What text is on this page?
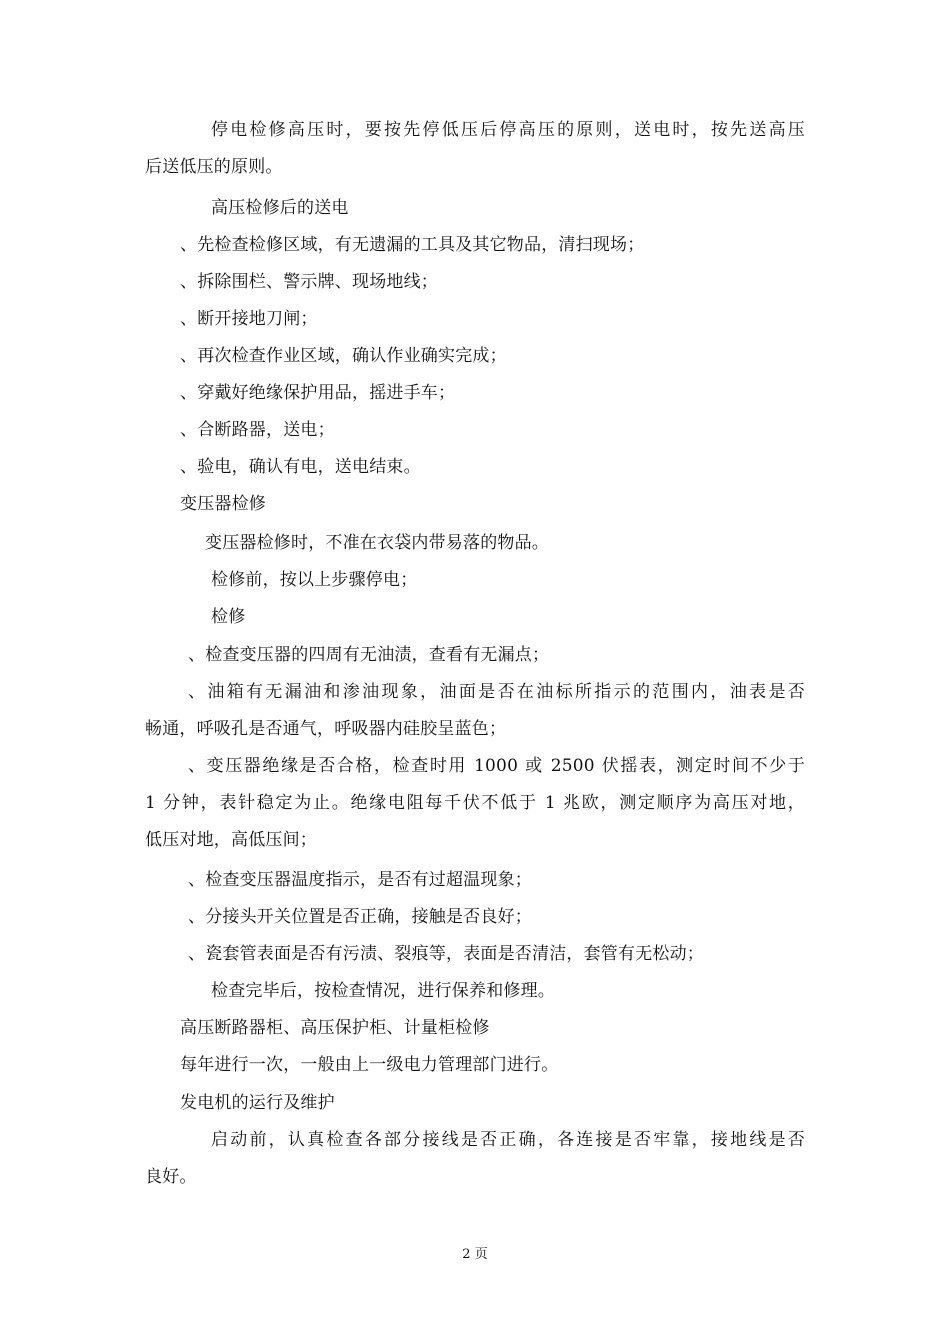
停电检修高压时，要按先停低压后停高压的原则，送电时，按先送高压
后送低压的原则。
高压检修后的送电
、先检查检修区域，有无遗漏的工具及其它物品，清扫现场；
、拆除围栏、警示牌、现场地线；
、断开接地刀闸；
、再次检查作业区域，确认作业确实完成；
、穿戴好绝缘保护用品，摇进手车；
、合断路器，送电；
、验电，确认有电，送电结束。
变压器检修
变压器检修时，不准在衣袋内带易落的物品。
检修前，按以上步骤停电；
检修
、检查变压器的四周有无油渍，查看有无漏点；
、油箱有无漏油和渗油现象，油面是否在油标所指示的范围内，油表是否
畅通，呼吸孔是否通气，呼吸器内硅胶呈蓝色；
、变压器绝缘是否合格，检查时用 1000 或 2500 伏摇表，测定时间不少于
1 分钟，表针稳定为止。绝缘电阻每千伏不低于 1 兆欧，测定顺序为高压对地，
低压对地，高低压间；
、检查变压器温度指示，是否有过超温现象；
、分接头开关位置是否正确，接触是否良好；
、瓷套管表面是否有污渍、裂痕等，表面是否清洁，套管有无松动；
检查完毕后，按检查情况，进行保养和修理。
高压断路器柜、高压保护柜、计量柜检修
每年进行一次，一般由上一级电力管理部门进行。
发电机的运行及维护
启动前，认真检查各部分接线是否正确，各连接是否牢靠，接地线是否
良好。
2 页
